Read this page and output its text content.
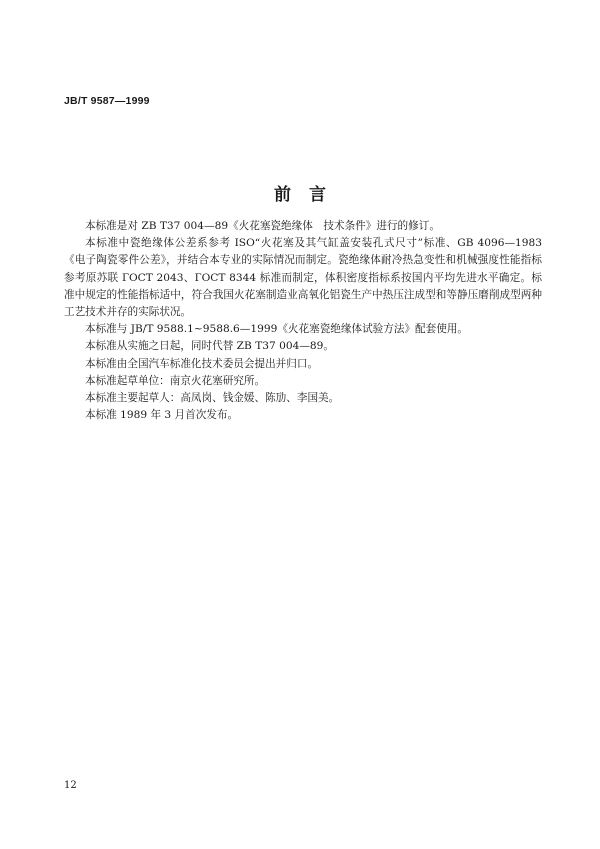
JB/T 9587—1999
前言

本标准是对 ZB T37 004—89《火花塞瓷绝缘体　技术条件》进行的修订。

本标准中瓷绝缘体公差系参考 ISO“火花塞及其气缸盖安装孔式尺寸”标准、GB 4096—1983《电子陶瓷零件公差》，并结合本专业的实际情况而制定。瓷绝缘体耐冷热急变性和机械强度性能指标参考原苏联 ГОСТ 2043、ГОСТ 8344 标准而制定，体积密度指标系按国内平均先进水平确定。标准中规定的性能指标适中，符合我国火花塞制造业高氧化铝瓷生产中热压注成型和等静压磨削成型两种工艺技术并存的实际状况。

本标准与 JB/T 9588.1~9588.6—1999《火花塞瓷绝缘体试验方法》配套使用。

本标准从实施之日起，同时代替 ZB T37 004—89。

本标准由全国汽车标准化技术委员会提出并归口。

本标准起草单位：南京火花塞研究所。

本标准主要起草人：高凤岗、钱金媛、陈劢、李国美。

本标准 1989 年 3 月首次发布。

12
